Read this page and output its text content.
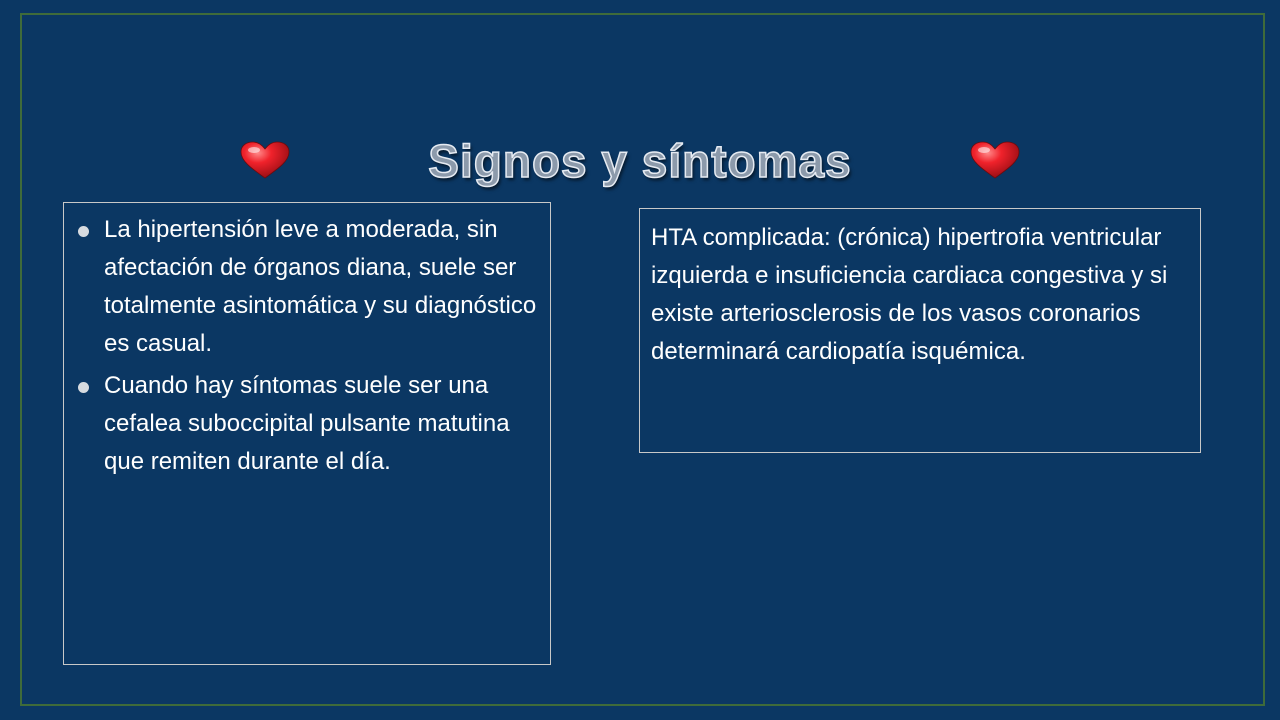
Signos y síntomas
La hipertensión leve a moderada, sin afectación de órganos diana, suele ser totalmente asintomática y su diagnóstico es casual.
Cuando hay síntomas suele ser una cefalea suboccipital pulsante matutina que remiten durante el día.
HTA complicada: (crónica) hipertrofia ventricular izquierda e insuficiencia cardiaca congestiva y si existe arteriosclerosis de los vasos coronarios determinará cardiopatía isquémica.
